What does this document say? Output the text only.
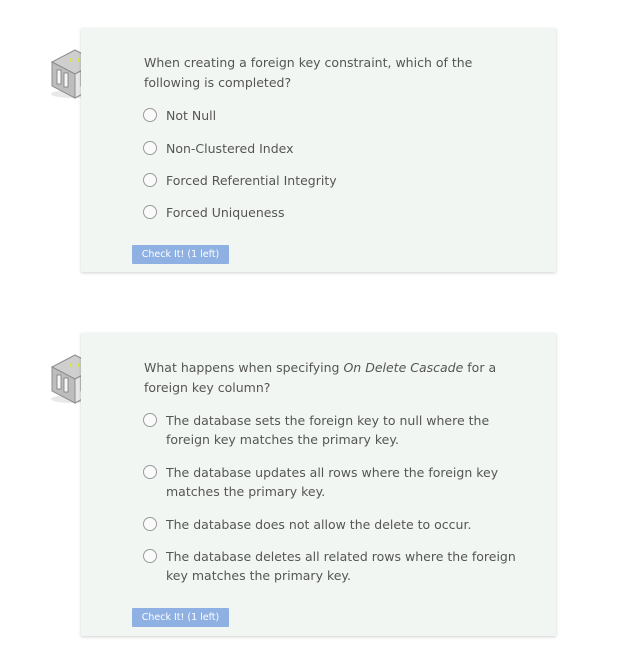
When creating a foreign key constraint, which of the following is completed?
Not Null
Non-Clustered Index
Forced Referential Integrity
Forced Uniqueness
Check It! (1 left)
What happens when specifying On Delete Cascade for a foreign key column?
The database sets the foreign key to null where the foreign key matches the primary key.
The database updates all rows where the foreign key matches the primary key.
The database does not allow the delete to occur.
The database deletes all related rows where the foreign key matches the primary key.
Check It! (1 left)
